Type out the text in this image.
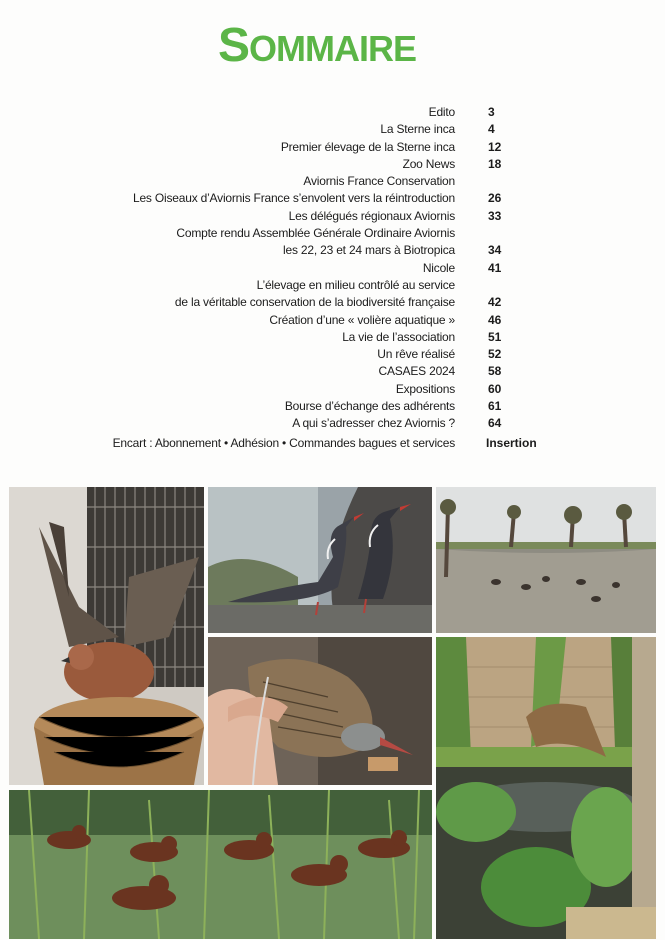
SOMMAIRE
Edito	3
La Sterne inca	4
Premier élevage de la Sterne inca	12
Zoo News	18
Aviornis France Conservation
Les Oiseaux d’Aviornis France s’envolent vers la réintroduction	26
Les délégués régionaux Aviornis	33
Compte rendu Assemblée Générale Ordinaire Aviornis
les 22, 23 et 24 mars à Biotropica	34
Nicole	41
L’élevage en milieu contrôlé au service
de la véritable conservation de la biodiversité française	42
Création d’une « volière aquatique »	46
La vie de l’association	51
Un rêve réalisé	52
CASAES 2024	58
Expositions	60
Bourse d’échange des adhérents	61
A qui s’adresser chez Aviornis ?	64
Encart : Abonnement • Adhésion • Commandes bagues et services	Insertion
